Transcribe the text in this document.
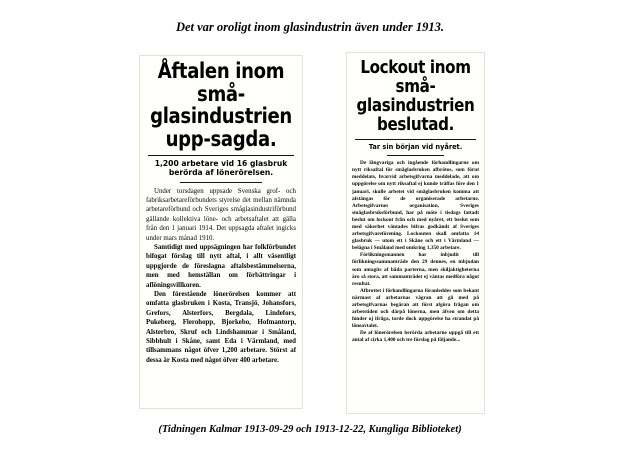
Det var oroligt inom glasindustrin även under 1913.
Åftalen inom små-glasindustrien upp-sagda.
1,200 arbetare vid 16 glasbruk berörda af lönerörelsen.

Under torsdagen uppsade Svenska grof- och fabriksarbetareförbundets styrelse det mellan nämnda arbetareförbund och Sveriges småglasindustriförbund gällande kollektiva löne- och arbetsaftalet att gälla från den 1 januari 1914. Det uppsagda aftalet ingicks under mars månad 1910.

Samtidigt med uppsägningen har folkförbundet bifogat förslag till nytt aftal, i allt väsentligt uppgjorde de föreslagna aftalsbestämmelserna, men med hemställan om förbättringar i aflöningsvillkoren.

Den förestående lönerörelsen kommer att omfatta glasbruken i Kosta, Transjö, Johansfors, Grefors, Alsterfors, Bergdala, Lindefors, Pukeberg, Flerohopp, Bjorkebo, Hofmantorp, Alsterbro, Skruf och Lindshammar i Småland, Sibbhult i Skåne, samt Eda i Värmland, med tillsammans något öfver 1,200 arbetare. Störst af dessa är Kosta med något öfver 400 arbetare.

Lockout inom små-glasindustrien beslutad.
Tar sin början vid nyåret.

De långvariga och ingående förhandlingarne om nytt riksaftal för småglasbruken afbrötos, som förut meddelats, hvarvid arbetsgifvarna meddelade, att om uppgörelse om nytt riksaftal ej kunde träffas före den 1 januari, skulle arbetet vid småglasbruken komma att afstängas för de organiserade arbetarne. Arbetsgifvarnes organisation, Sveriges småglasbruksförbund, har på möte i tisdags fattadt beslut om lockout från och med nyåret, ett beslut som med säkerhet väntades bifras godkändt af Sveriges arbetsgifvareförening. Lockouten skall omfatta 14 glasbruk — utom ett i Skåne och ett i Värmland — belägna i Småland med omkring 1,350 arbetare.

Förlikningsmannen har inbjudit till förlikningssammanträde den 29 dennes, en inbjudan som antagits af båda parterna, men skiljaktigheterna äro så stora, att sammanträdet ej väntas medföra något resultat.

Afbrottet i förhandlingarna föranleddes som bekant närmast af arbetarnas vägran att gå med på arbetsgifvarnas begäran att först afgöra frågan om arbetstiden och därpå lönerna, men äfven om detta hinder oj ifråga, torde dock uppgörelse ha strandat på löneavtalet.

De af lönerörelsen berörda arbetarne uppgå till ett antal af cirka 1,400 och tre förslag på följande...

(Tidningen Kalmar 1913-09-29 och 1913-12-22, Kungliga Biblioteket)
